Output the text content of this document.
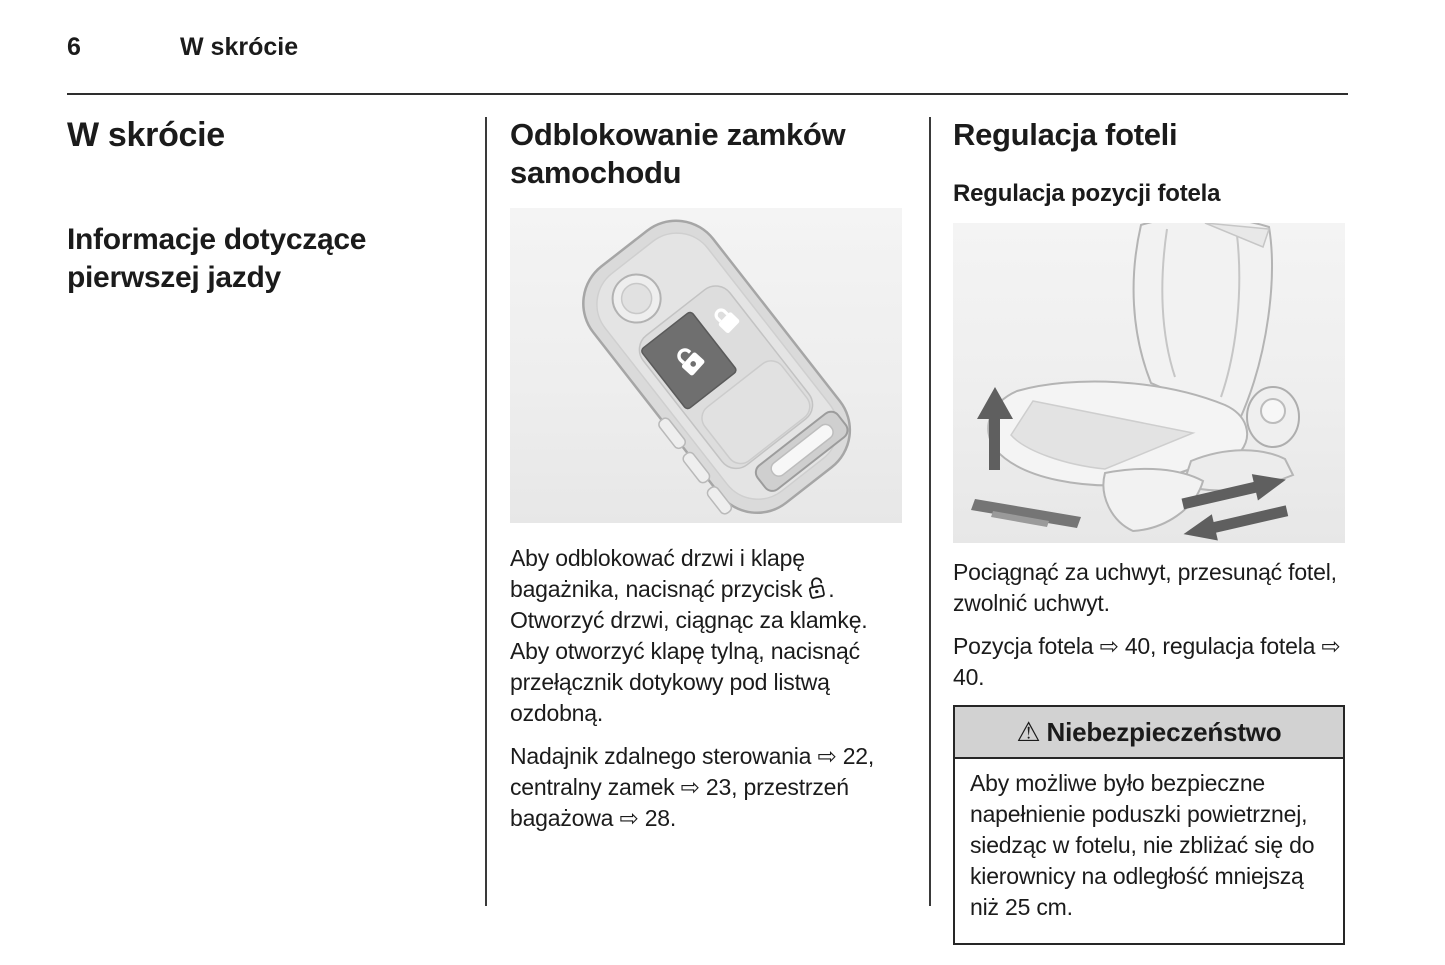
6	W skrócie
W skrócie
Informacje dotyczące pierwszej jazdy
Odblokowanie zamków samochodu

Aby odblokować drzwi i klapę bagażnika, nacisnąć przycisk . Otworzyć drzwi, ciągnąc za klamkę. Aby otworzyć klapę tylną, nacisnąć przełącznik dotykowy pod listwą ozdobną.

Nadajnik zdalnego sterowania ⇨ 22, centralny zamek ⇨ 23, przestrzeń bagażowa ⇨ 28.

Regulacja foteli
Regulacja pozycji fotela

Pociągnąć za uchwyt, przesunąć fotel, zwolnić uchwyt.

Pozycja fotela ⇨ 40, regulacja fotela ⇨ 40.

⚠ Niebezpieczeństwo
Aby możliwe było bezpieczne napełnienie poduszki powietrznej, siedząc w fotelu, nie zbliżać się do kierownicy na odległość mniejszą niż 25 cm.
